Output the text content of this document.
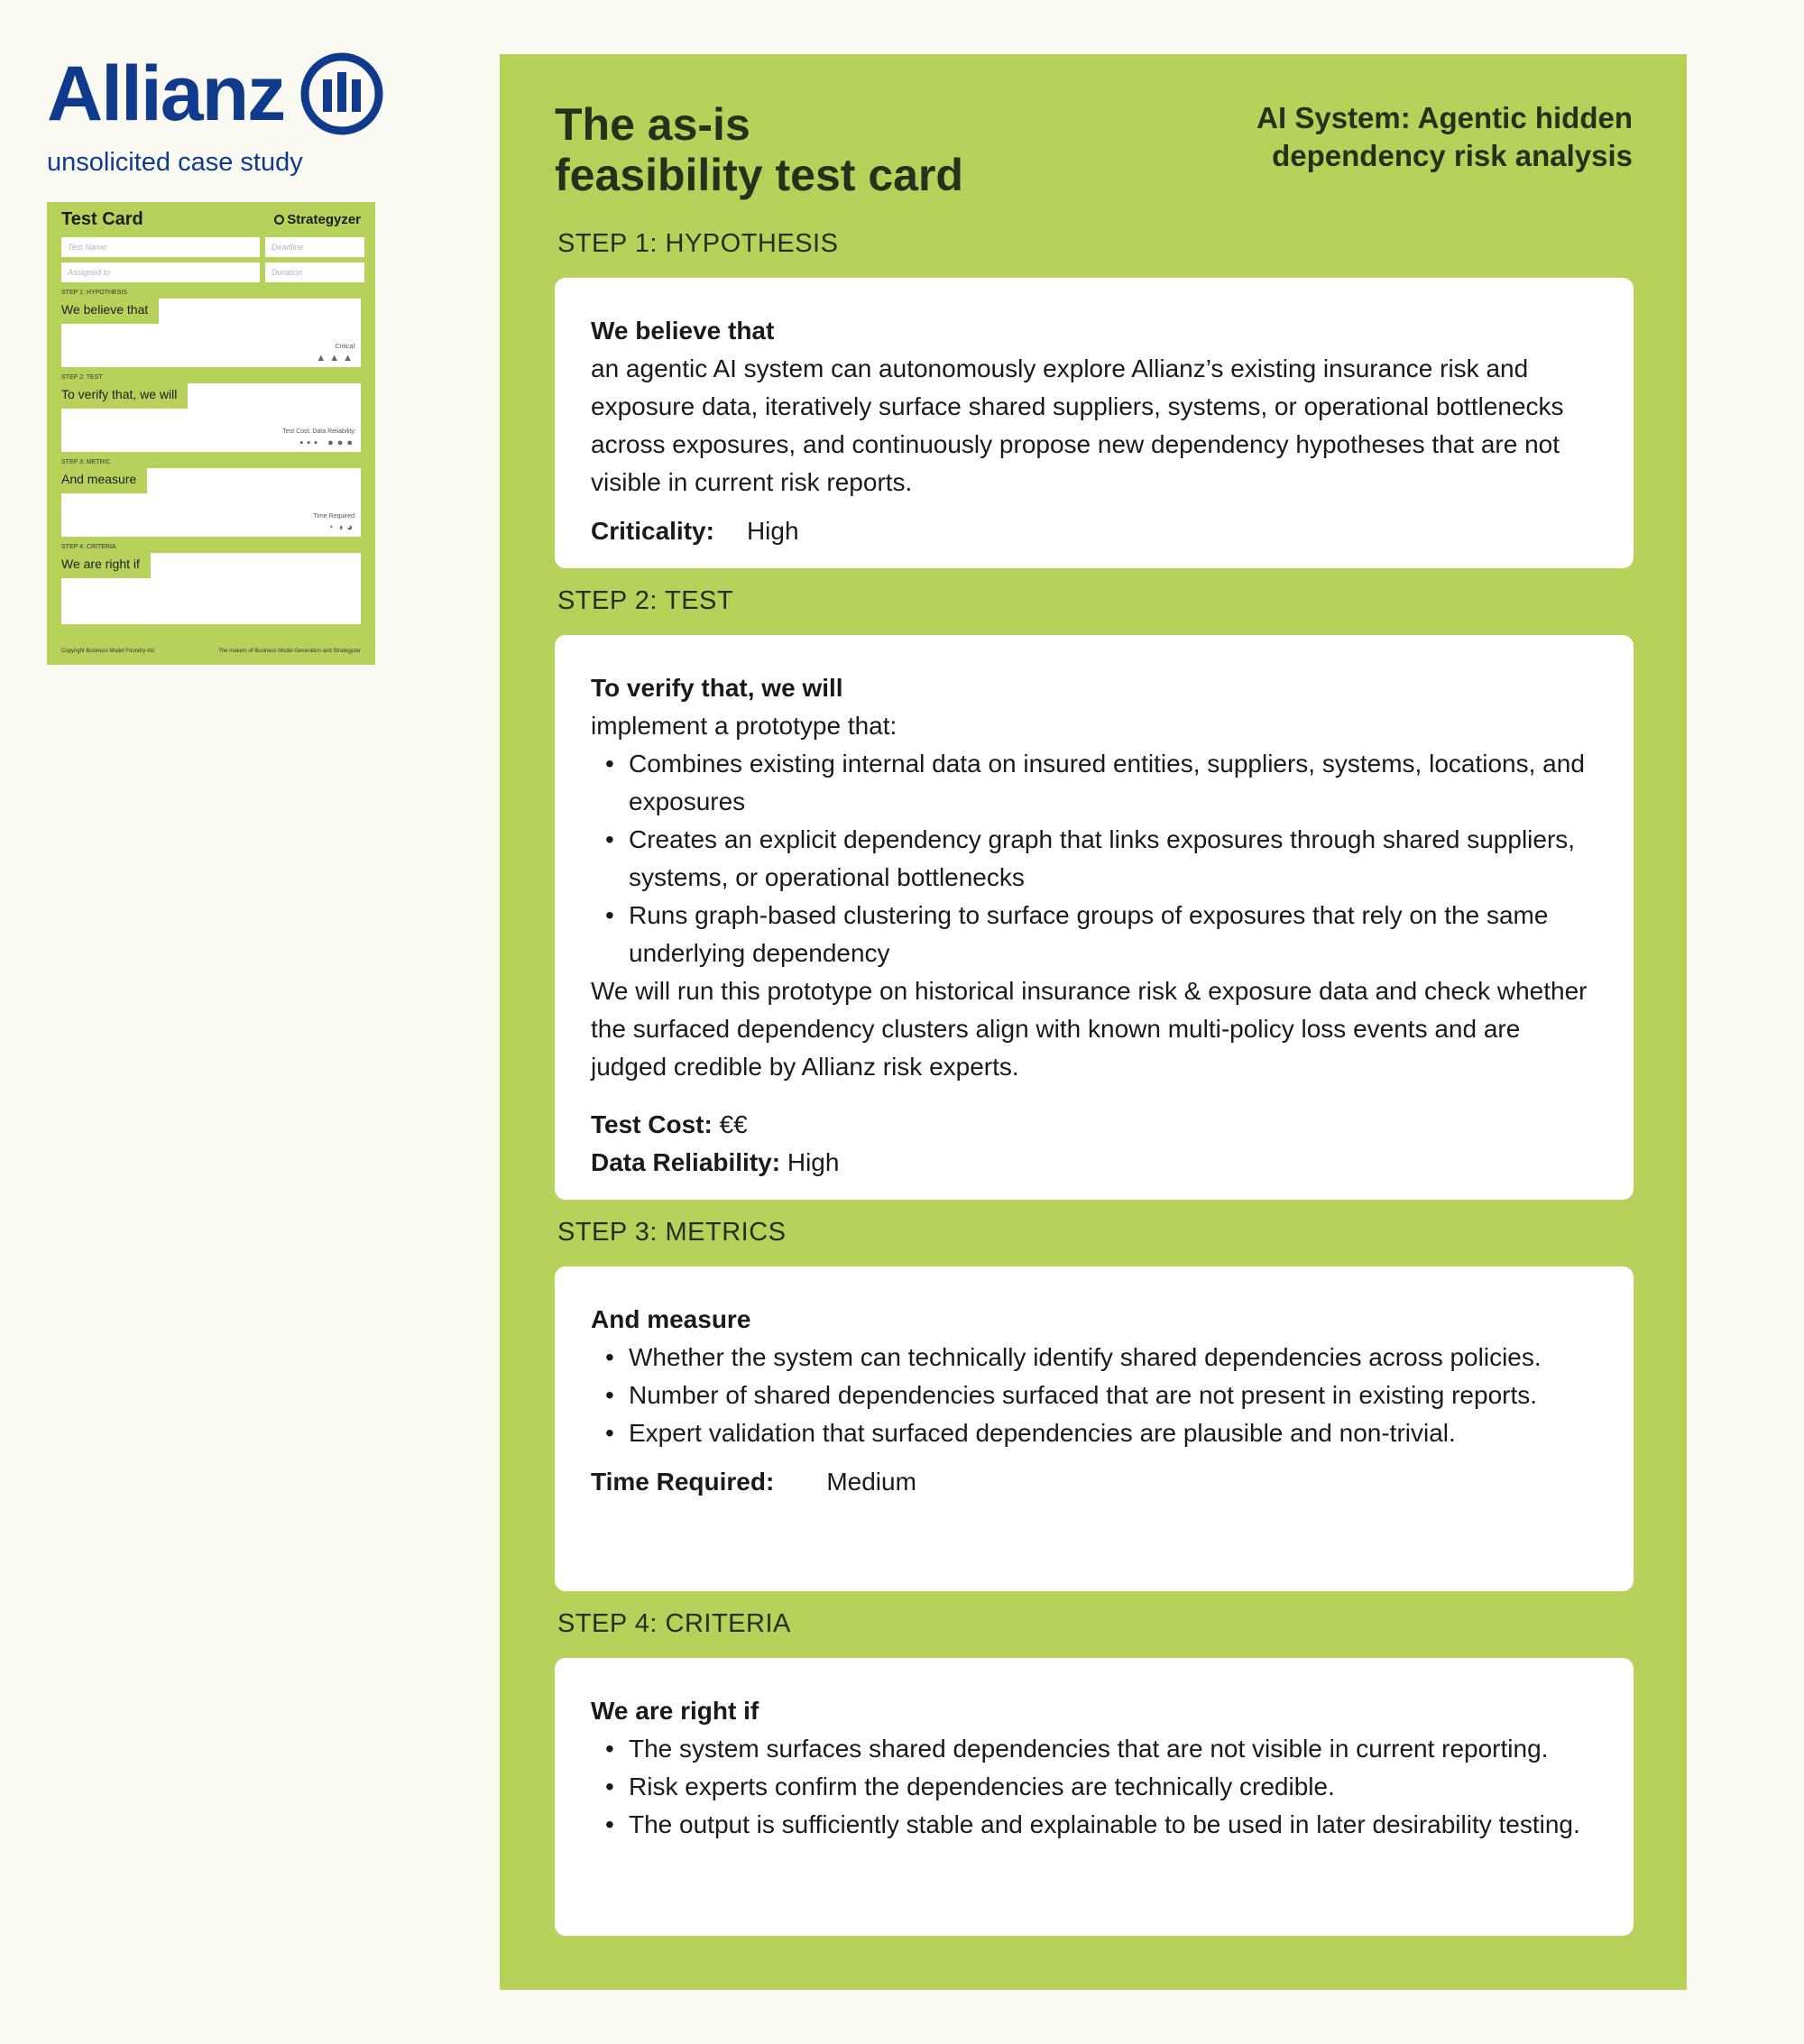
Allianz
unsolicited case study
Test Card	Strategyzer
Test Name	Deadline
Assigned to	Duration
STEP 1: HYPOTHESIS
We believe that
Critical:
▲▲▲
STEP 2: TEST
To verify that, we will
Test Cost: Data Reliability:
▪▪▪ ●●●
STEP 3: METRIC
And measure
Time Required:
◔◑◕
STEP 4: CRITERIA
We are right if
Copyright Business Model Foundry AG	The makers of Business Model Generation and Strategyzer
The as-is
feasibility test card
AI System: Agentic hidden
dependency risk analysis
STEP 1: HYPOTHESIS
We believe that

an agentic AI system can autonomously explore Allianz’s existing insurance risk and exposure data, iteratively surface shared suppliers, systems, or operational bottlenecks across exposures, and continuously propose new dependency hypotheses that are not visible in current risk reports.

Criticality: High
STEP 2: TEST
To verify that, we will

implement a prototype that:

• Combines existing internal data on insured entities, suppliers, systems, locations, and exposures
• Creates an explicit dependency graph that links exposures through shared suppliers, systems, or operational bottlenecks
• Runs graph-based clustering to surface groups of exposures that rely on the same underlying dependency

We will run this prototype on historical insurance risk & exposure data and check whether the surfaced dependency clusters align with known multi-policy loss events and are judged credible by Allianz risk experts.

Test Cost: €€
Data Reliability: High
STEP 3: METRICS
And measure
• Whether the system can technically identify shared dependencies across policies.
• Number of shared dependencies surfaced that are not present in existing reports.
• Expert validation that surfaced dependencies are plausible and non-trivial.
Time Required: Medium
STEP 4: CRITERIA
We are right if
• The system surfaces shared dependencies that are not visible in current reporting.
• Risk experts confirm the dependencies are technically credible.
• The output is sufficiently stable and explainable to be used in later desirability testing.
